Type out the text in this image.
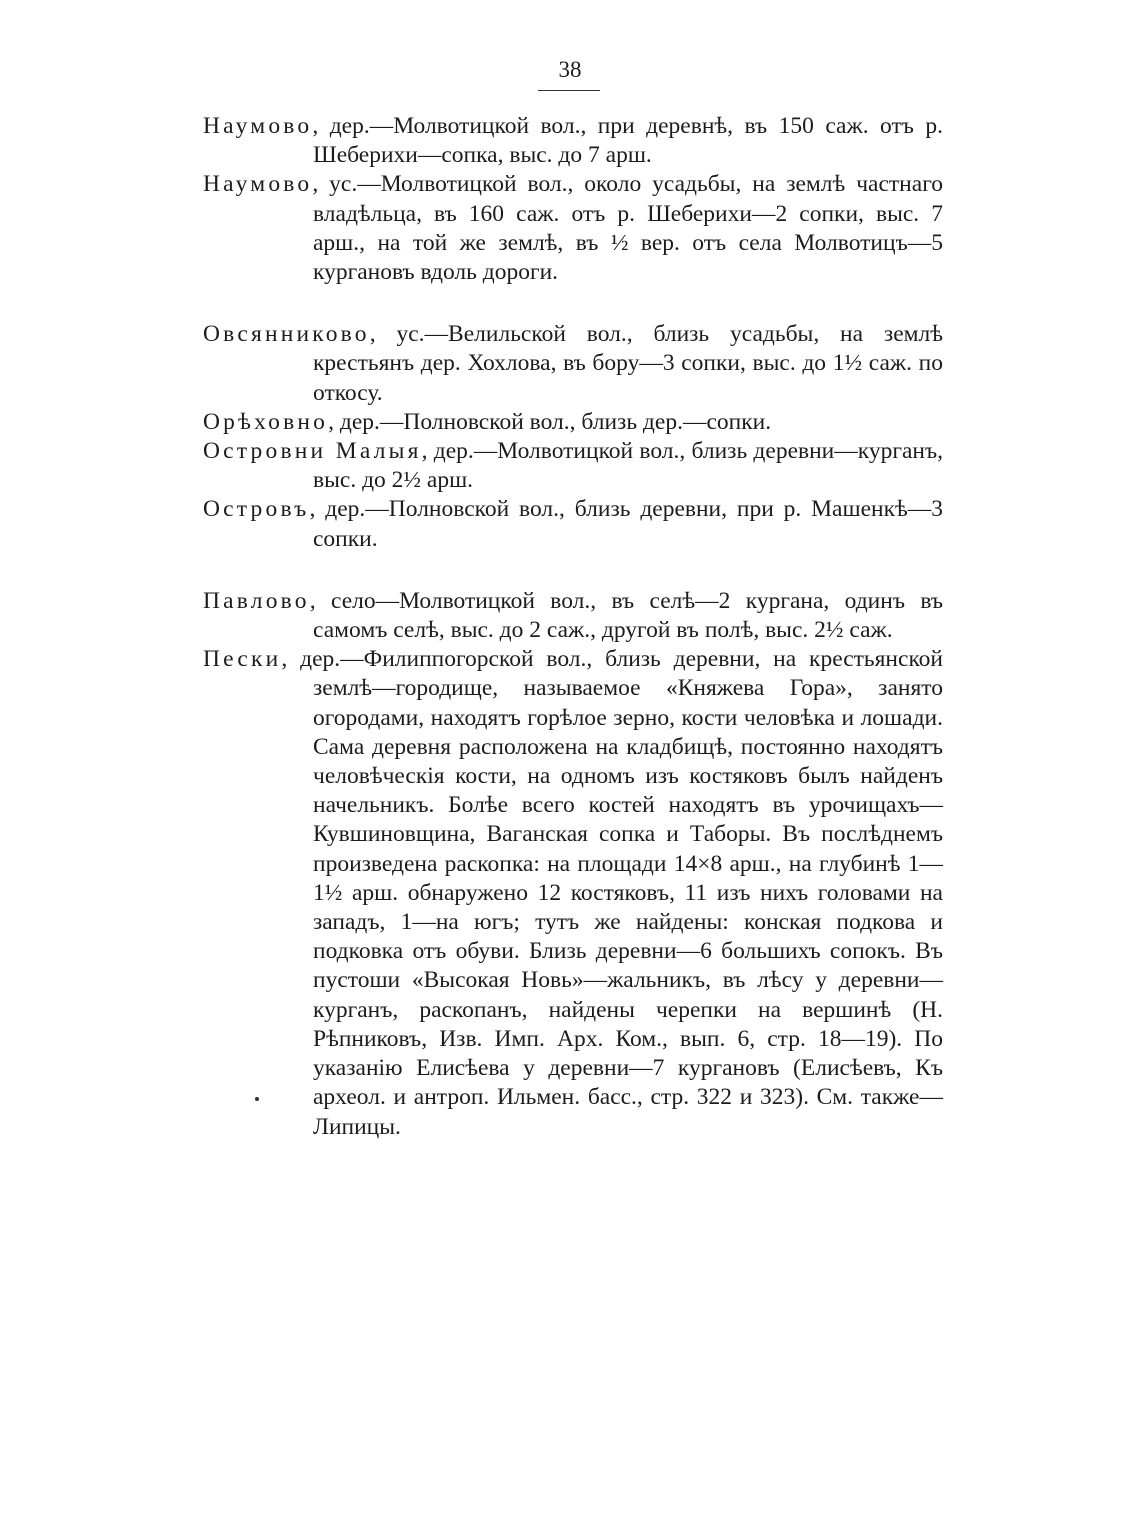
38

Наумово, дер.—Молвотицкой вол., при деревнѣ, въ 150 саж. отъ р. Шеберихи—сопка, выс. до 7 арш.

Наумово, ус.—Молвотицкой вол., около усадьбы, на землѣ частнаго владѣльца, въ 160 саж. отъ р. Шеберихи—2 сопки, выс. 7 арш., на той же землѣ, въ ½ вер. отъ села Молвотицъ—5 кургановъ вдоль дороги.

Овсянниково, ус.—Велильской вол., близь усадьбы, на землѣ крестьянъ дер. Хохлова, въ бору—3 сопки, выс. до 1½ саж. по откосу.

Орѣховно, дер.—Полновской вол., близь дер.—сопки.

Островни Малыя, дер.—Молвотицкой вол., близь деревни—курганъ, выс. до 2½ арш.

Островъ, дер.—Полновской вол., близь деревни, при р. Машенкѣ—3 сопки.

Павлово, село—Молвотицкой вол., въ селѣ—2 кургана, одинъ въ самомъ селѣ, выс. до 2 саж., другой въ полѣ, выс. 2½ саж.

Пески, дер.—Филиппогорской вол., близь деревни, на крестьянской землѣ—городище, называемое «Княжева Гора», занято огородами, находятъ горѣлое зерно, кости человѣка и лошади. Сама деревня расположена на кладбищѣ, постоянно находятъ человѣческія кости, на одномъ изъ костяковъ былъ найденъ начельникъ. Болѣе всего костей находятъ въ урочищахъ—Кувшиновщина, Ваганская сопка и Таборы. Въ послѣднемъ произведена раскопка: на площади 14×8 арш., на глубинѣ 1—1½ арш. обнаружено 12 костяковъ, 11 изъ нихъ головами на западъ, 1—на югъ; тутъ же найдены: конская подкова и подковка отъ обуви. Близь деревни—6 большихъ сопокъ. Въ пустоши «Высокая Новь»—жальникъ, въ лѣсу у деревни—курганъ, раскопанъ, найдены черепки на вершинѣ (Н. Рѣпниковъ, Изв. Имп. Арх. Ком., вып. 6, стр. 18—19). По указанію Елисѣева у деревни—7 кургановъ (Елисѣевъ, Къ археол. и антроп. Ильмен. басс., стр. 322 и 323). См. также—Липицы.
